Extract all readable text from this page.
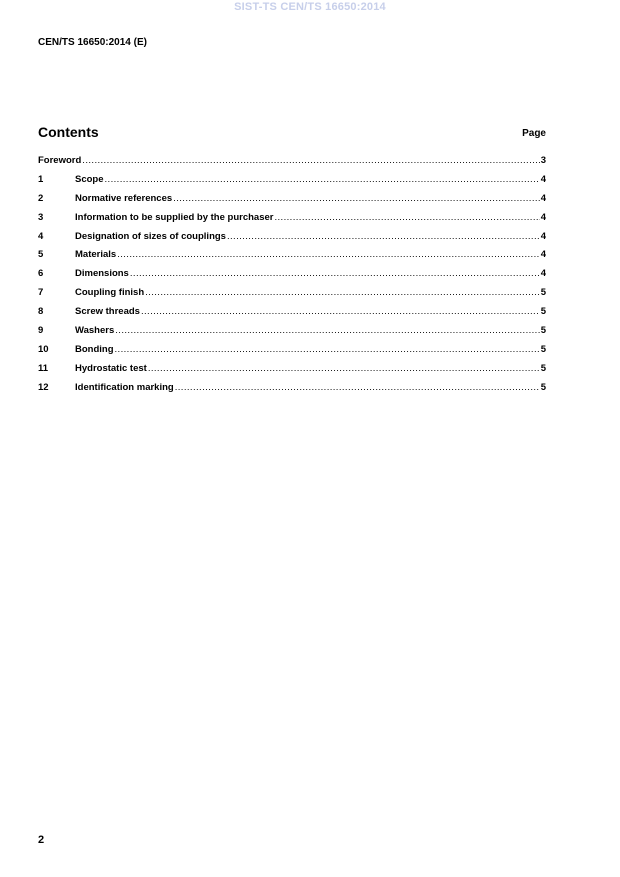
SIST-TS CEN/TS 16650:2014
CEN/TS 16650:2014 (E)
Contents	Page
Foreword .....	3
1	Scope .....	4
2	Normative references .....	4
3	Information to be supplied by the purchaser .....	4
4	Designation of sizes of couplings .....	4
5	Materials .....	4
6	Dimensions .....	4
7	Coupling finish .....	5
8	Screw threads .....	5
9	Washers .....	5
10	Bonding .....	5
11	Hydrostatic test .....	5
12	Identification marking .....	5
2
